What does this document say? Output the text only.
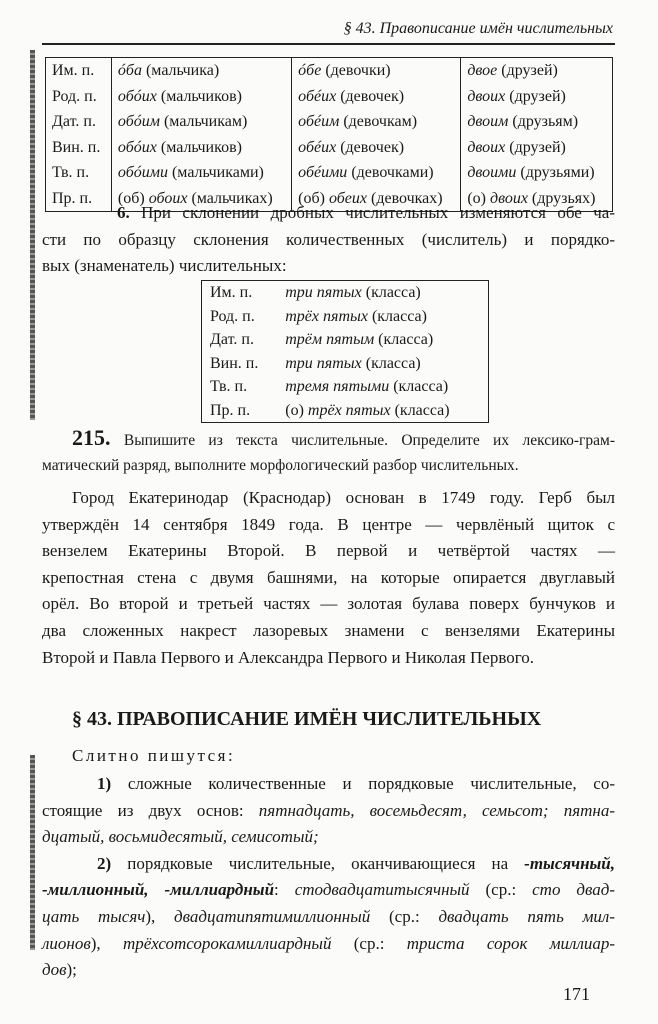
§ 43. Правописание имён числительных
Им. п.	óба (мальчика)	óбе (девочки)	двое (друзей)
Род. п.	обóих (мальчиков)	обéих (девочек)	двоих (друзей)
Дат. п.	обóим (мальчикам)	обéим (девочкам)	двоим (друзьям)
Вин. п.	обóих (мальчиков)	обéих (девочек)	двоих (друзей)
Тв. п.	обóими (мальчиками)	обéими (девочками)	двоими (друзьями)
Пр. п.	(об) обоих (мальчиках)	(об) обеих (девочках)	(о) двоих (друзьях)
6. При склонении дробных числительных изменяются обе ча-
сти по образцу склонения количественных (числитель) и порядко-
вых (знаменатель) числительных:
Им. п.	три пятых (класса)
Род. п.	трёх пятых (класса)
Дат. п.	трём пятым (класса)
Вин. п.	три пятых (класса)
Тв. п.	тремя пятыми (класса)
Пр. п.	(о) трёх пятых (класса)
215. Выпишите из текста числительные. Определите их лексико-грам-
матический разряд, выполните морфологический разбор числительных.
Город Екатеринодар (Краснодар) основан в 1749 году. Герб был
утверждён 14 сентября 1849 года. В центре — червлёный щиток с
вензелем Екатерины Второй. В первой и четвёртой частях —
крепостная стена с двумя башнями, на которые опирается двуглавый
орёл. Во второй и третьей частях — золотая булава поверх бунчуков и
два сложенных накрест лазоревых знамени с вензелями Екатерины
Второй и Павла Первого и Александра Первого и Николая Первого.
§ 43. ПРАВОПИСАНИЕ ИМЁН ЧИСЛИТЕЛЬНЫХ
Слитно пишутся:
1) сложные количественные и порядковые числительные, со-
стоящие из двух основ: пятнадцать, восемьдесят, семьсот; пятна-
дцатый, восьмидесятый, семисотый;
2) порядковые числительные, оканчивающиеся на -тысячный,
-миллионный, -миллиардный: стодвадцатитысячный (ср.: сто двад-
цать тысяч), двадцатипятимиллионный (ср.: двадцать пять мил-
лионов), трёхсотсорокамиллиардный (ср.: триста сорок миллиар-
дов);
171
